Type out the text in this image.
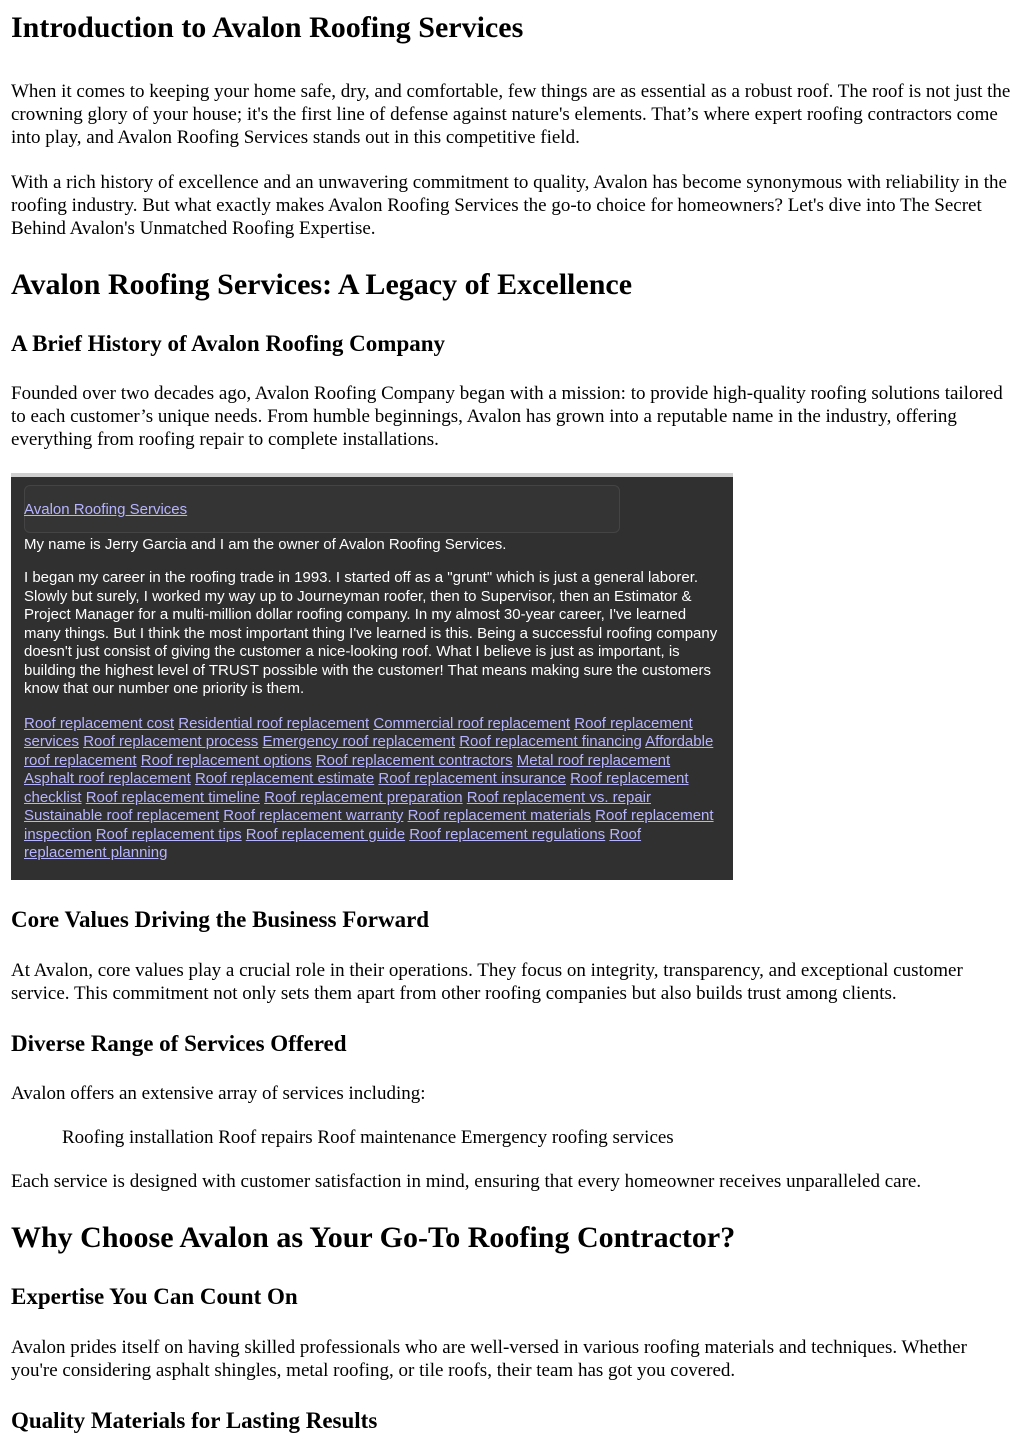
Introduction to Avalon Roofing Services

When it comes to keeping your home safe, dry, and comfortable, few things are as essential as a robust roof. The roof is not just the crowning glory of your house; it's the first line of defense against nature's elements. That’s where expert roofing contractors come into play, and Avalon Roofing Services stands out in this competitive field.

With a rich history of excellence and an unwavering commitment to quality, Avalon has become synonymous with reliability in the roofing industry. But what exactly makes Avalon Roofing Services the go-to choice for homeowners? Let's dive into The Secret Behind Avalon's Unmatched Roofing Expertise.

Avalon Roofing Services: A Legacy of Excellence
A Brief History of Avalon Roofing Company

Founded over two decades ago, Avalon Roofing Company began with a mission: to provide high-quality roofing solutions tailored to each customer’s unique needs. From humble beginnings, Avalon has grown into a reputable name in the industry, offering everything from roofing repair to complete installations.

Avalon Roofing Services

My name is Jerry Garcia and I am the owner of Avalon Roofing Services.

I began my career in the roofing trade in 1993. I started off as a "grunt" which is just a general laborer. Slowly but surely, I worked my way up to Journeyman roofer, then to Supervisor, then an Estimator & Project Manager for a multi-million dollar roofing company. In my almost 30-year career, I've learned many things. But I think the most important thing I've learned is this. Being a successful roofing company doesn't just consist of giving the customer a nice-looking roof. What I believe is just as important, is building the highest level of TRUST possible with the customer! That means making sure the customers know that our number one priority is them.

Roof replacement cost Residential roof replacement Commercial roof replacement Roof replacement services Roof replacement process Emergency roof replacement Roof replacement financing Affordable roof replacement Roof replacement options Roof replacement contractors Metal roof replacement Asphalt roof replacement Roof replacement estimate Roof replacement insurance Roof replacement checklist Roof replacement timeline Roof replacement preparation Roof replacement vs. repair Sustainable roof replacement Roof replacement warranty Roof replacement materials Roof replacement inspection Roof replacement tips Roof replacement guide Roof replacement regulations Roof replacement planning
Core Values Driving the Business Forward

At Avalon, core values play a crucial role in their operations. They focus on integrity, transparency, and exceptional customer service. This commitment not only sets them apart from other roofing companies but also builds trust among clients.

Diverse Range of Services Offered

Avalon offers an extensive array of services including:

Roofing installation Roof repairs Roof maintenance Emergency roofing services

Each service is designed with customer satisfaction in mind, ensuring that every homeowner receives unparalleled care.

Why Choose Avalon as Your Go-To Roofing Contractor?
Expertise You Can Count On

Avalon prides itself on having skilled professionals who are well-versed in various roofing materials and techniques. Whether you're considering asphalt shingles, metal roofing, or tile roofs, their team has got you covered.

Quality Materials for Lasting Results
